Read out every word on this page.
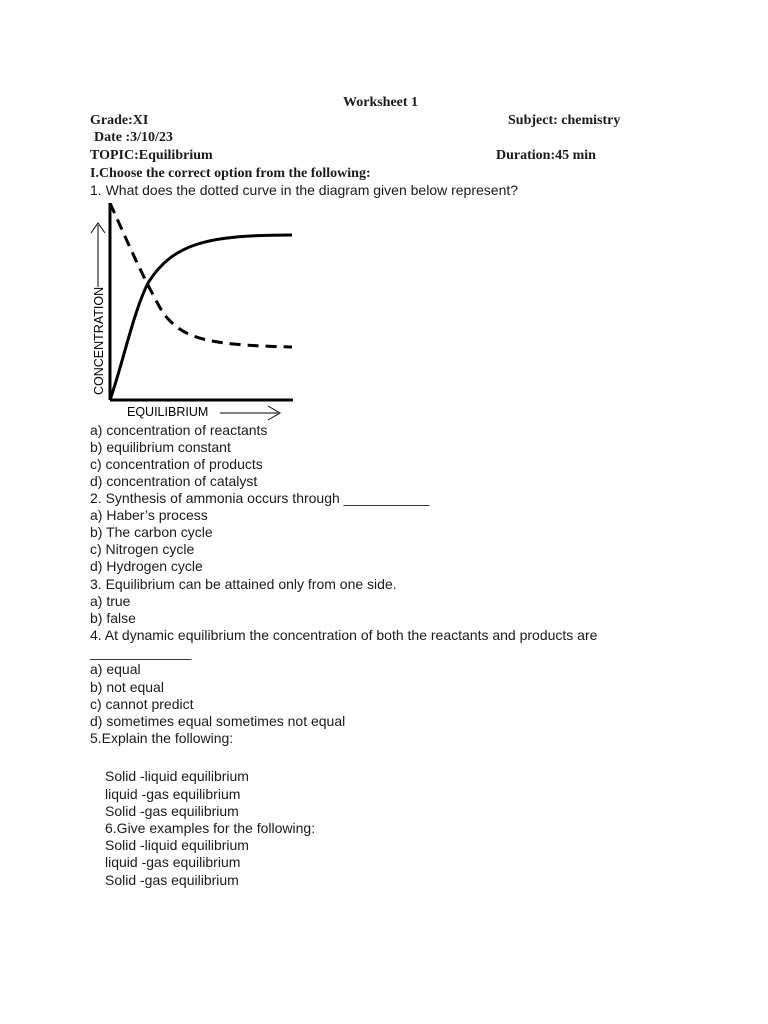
Worksheet 1
Grade:XI	Subject: chemistry
Date :3/10/23
TOPIC:Equilibrium	Duration:45 min
I.Choose the correct option from the following:
1. What does the dotted curve in the diagram given below represent?
CONCENTRATION
EQUILIBRIUM
a) concentration of reactants
b) equilibrium constant
c) concentration of products
d) concentration of catalyst
2. Synthesis of ammonia occurs through ___________
a) Haber’s process
b) The carbon cycle
c) Nitrogen cycle
d) Hydrogen cycle
3. Equilibrium can be attained only from one side.
a) true
b) false
4. At dynamic equilibrium the concentration of both the reactants and products are
_____________
a) equal
b) not equal
c) cannot predict
d) sometimes equal sometimes not equal
5.Explain the following:
Solid -liquid equilibrium
liquid -gas equilibrium
Solid -gas equilibrium
6.Give examples for the following:
Solid -liquid equilibrium
liquid -gas equilibrium
Solid -gas equilibrium
